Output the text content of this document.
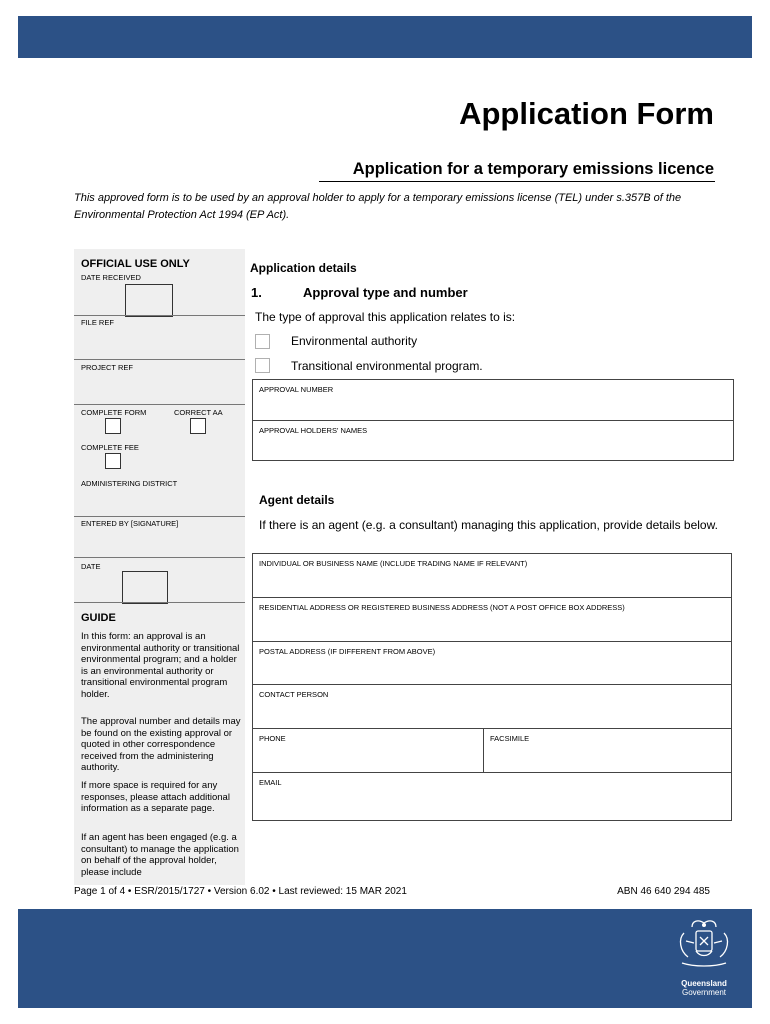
Application Form
Application for a temporary emissions licence
This approved form is to be used by an approval holder to apply for a temporary emissions license (TEL) under s.357B of the Environmental Protection Act 1994 (EP Act).
OFFICIAL USE ONLY
DATE RECEIVED
FILE REF
PROJECT REF
COMPLETE FORM	CORRECT AA
COMPLETE FEE
ADMINISTERING DISTRICT
ENTERED BY [SIGNATURE]
DATE
GUIDE
In this form: an approval is an environmental authority or transitional environmental program; and a holder is an environmental authority or transitional environmental program holder.
The approval number and details may be found on the existing approval or quoted in other correspondence received from the administering authority.
If more space is required for any responses, please attach additional information as a separate page.
If an agent has been engaged (e.g. a consultant) to manage the application on behalf of the approval holder, please include
Application details
1.	Approval type and number
The type of approval this application relates to is:
Environmental authority
Transitional environmental program.
APPROVAL NUMBER
APPROVAL HOLDERS' NAMES
Agent details
If there is an agent (e.g. a consultant) managing this application, provide details below.
INDIVIDUAL OR BUSINESS NAME (INCLUDE TRADING NAME IF RELEVANT)
RESIDENTIAL ADDRESS OR REGISTERED BUSINESS ADDRESS (NOT A POST OFFICE BOX ADDRESS)
POSTAL ADDRESS (IF DIFFERENT FROM ABOVE)
CONTACT PERSON
PHONE	FACSIMILE
EMAIL
Page 1 of 4 • ESR/2015/1727 • Version 6.02 • Last reviewed: 15 MAR 2021	ABN 46 640 294 485
Queensland
Government
